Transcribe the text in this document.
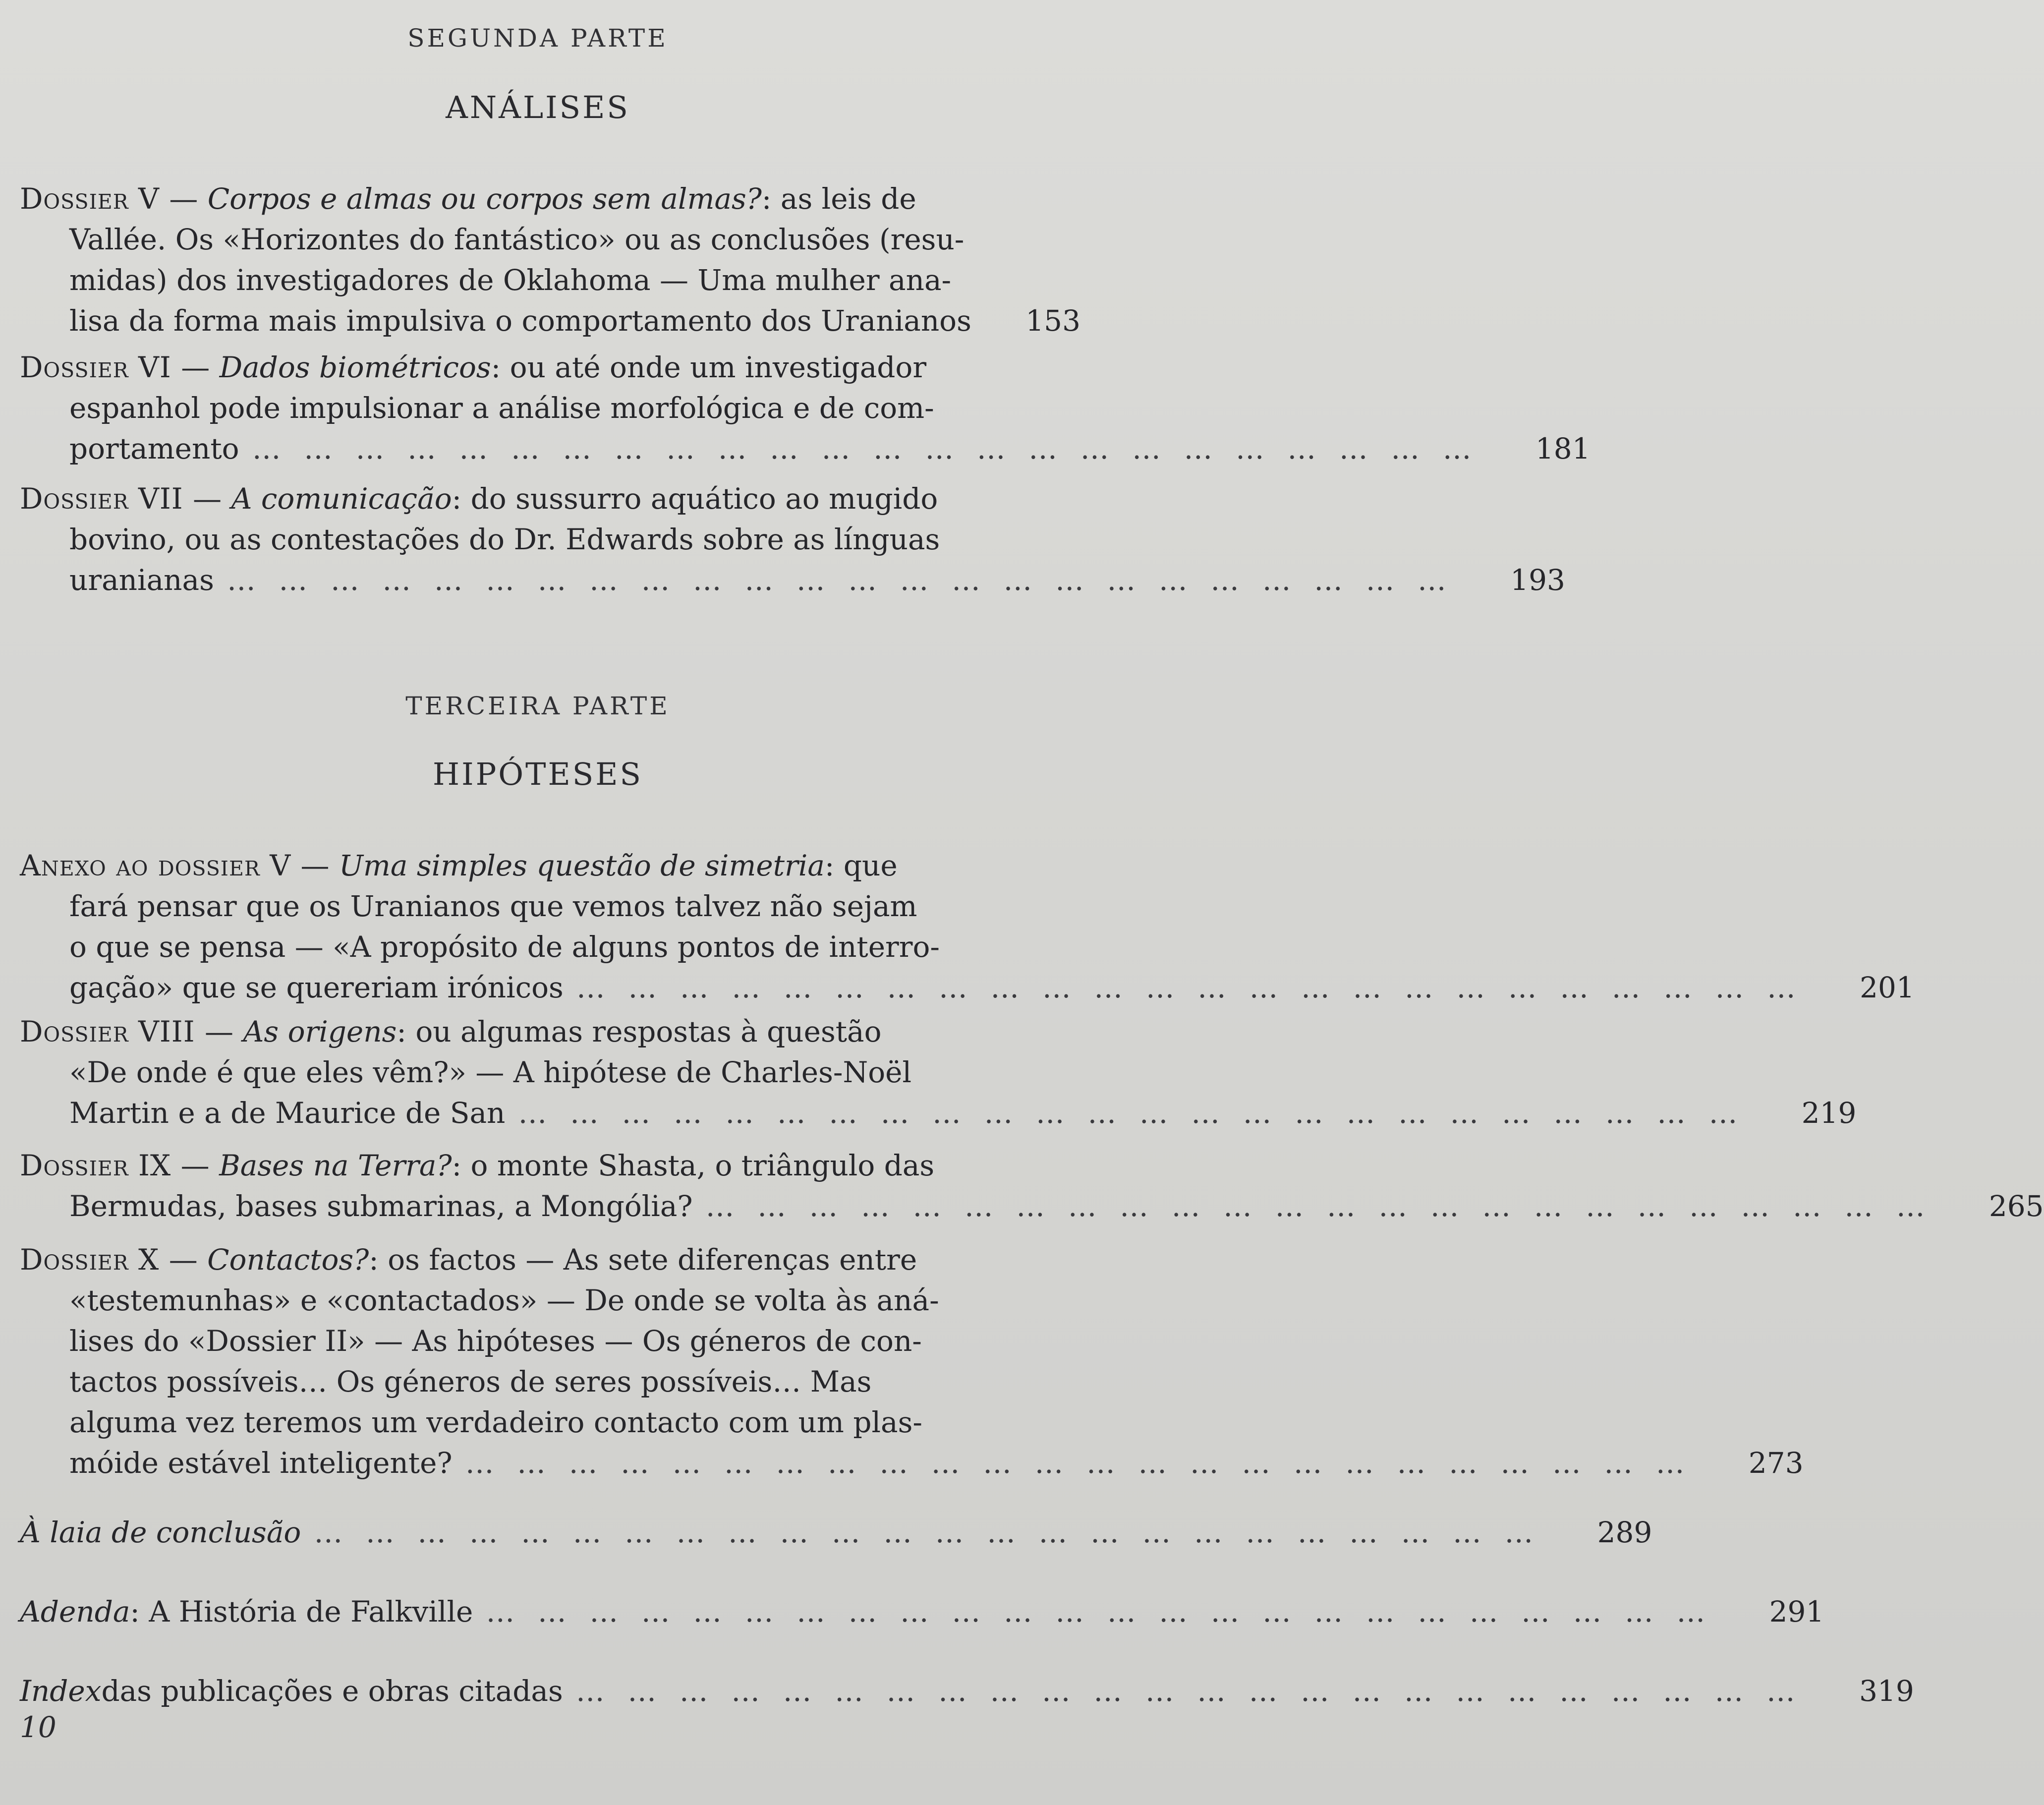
SEGUNDA PARTE
ANÁLISES
Dossier V — Corpos e almas ou corpos sem almas?: as leis de
Vallée. Os «Horizontes do fantástico» ou as conclusões (resu-
midas) dos investigadores de Oklahoma — Uma mulher ana-
lisa da forma mais impulsiva o comportamento dos Uranianos	153
Dossier VI — Dados biométricos: ou até onde um investigador
espanhol pode impulsionar a análise morfológica e de com-
portamento … … … … … … … … … … … … … … … … … … … … … … … …	181
Dossier VII — A comunicação: do sussurro aquático ao mugido
bovino, ou as contestações do Dr. Edwards sobre as línguas
uranianas … … … … … … … … … … … … … … … … … … … … … … … …	193
TERCEIRA PARTE
HIPÓTESES
Anexo ao dossier V — Uma simples questão de simetria: que
fará pensar que os Uranianos que vemos talvez não sejam
o que se pensa — «A propósito de alguns pontos de interro-
gação» que se quereriam irónicos … … … … … … … … … … … … … … … … … … … … … … … …	201
Dossier VIII — As origens: ou algumas respostas à questão
«De onde é que eles vêm?» — A hipótese de Charles-Noël
Martin e a de Maurice de San … … … … … … … … … … … … … … … … … … … … … … … …	219
Dossier IX — Bases na Terra?: o monte Shasta, o triângulo das
Bermudas, bases submarinas, a Mongólia? … … … … … … … … … … … … … … … … … … … … … … … …	265
Dossier X — Contactos?: os factos — As sete diferenças entre
«testemunhas» e «contactados» — De onde se volta às aná-
lises do «Dossier II» — As hipóteses — Os géneros de con-
tactos possíveis… Os géneros de seres possíveis… Mas
alguma vez teremos um verdadeiro contacto com um plas-
móide estável inteligente? … … … … … … … … … … … … … … … … … … … … … … … …	273
À laia de conclusão … … … … … … … … … … … … … … … … … … … … … … … …	289
Adenda : A História de Falkville … … … … … … … … … … … … … … … … … … … … … … … …	291
Index das publicações e obras citadas … … … … … … … … … … … … … … … … … … … … … … … …	319
10
